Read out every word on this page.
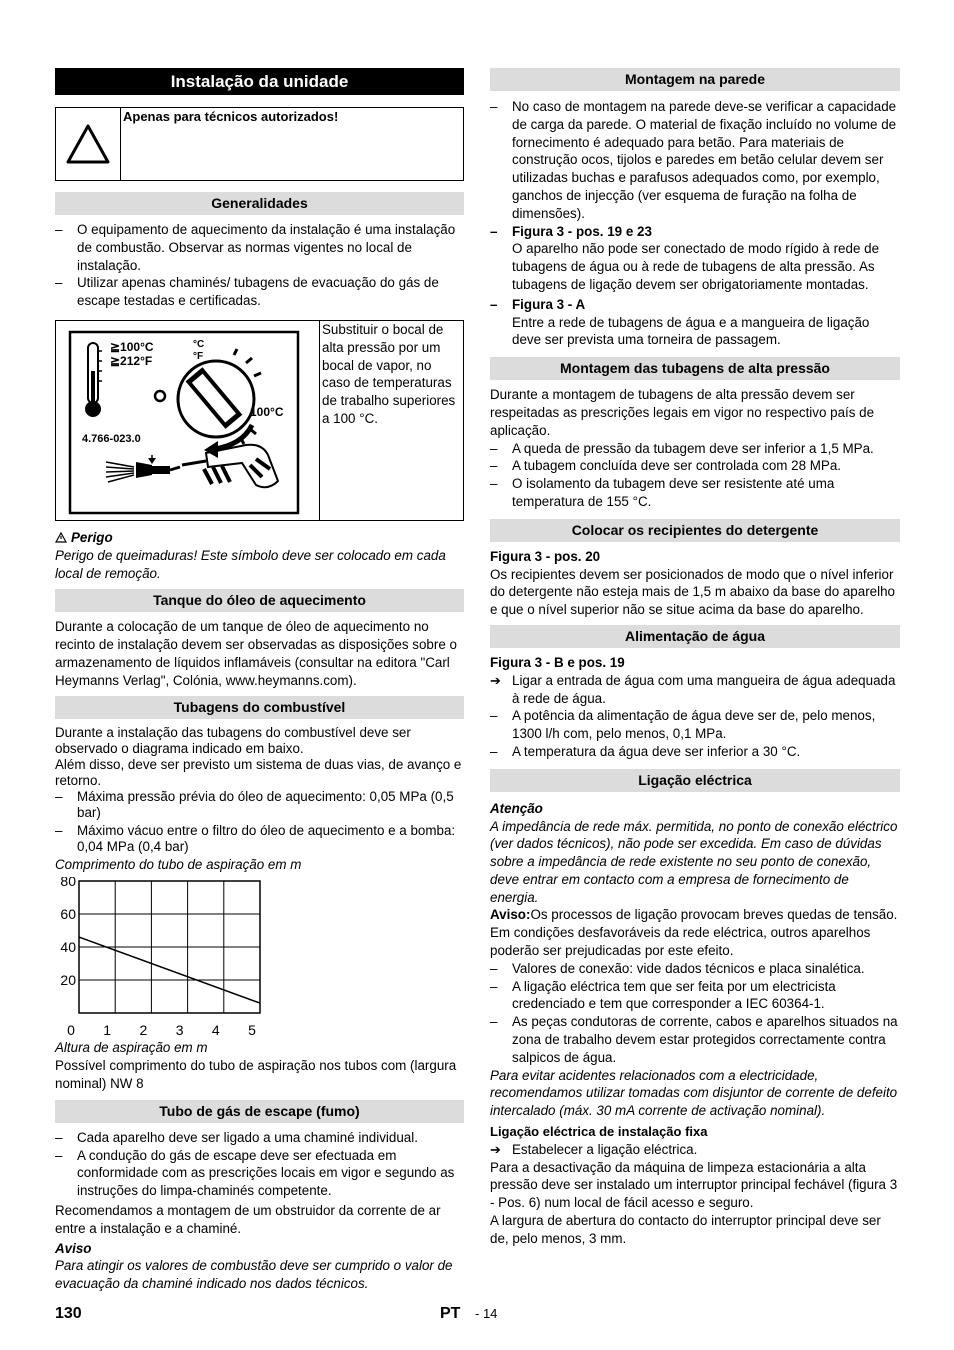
Instalação da unidade
Apenas para técnicos autorizados!
Generalidades

– O equipamento de aquecimento da instalação é uma instalação de combustão. Observar as normas vigentes no local de instalação.

– Utilizar apenas chaminés/ tubagens de evacuação do gás de escape testadas e certificadas.

≧100°C
≧212°F
°C
°F
100°C
4.766-023.0
Substituir o bocal de alta pressão por um bocal de vapor, no caso de temperaturas de trabalho superiores a 100 °C.

Perigo

Perigo de queimaduras! Este símbolo deve ser colocado em cada local de remoção.

Tanque do óleo de aquecimento

Durante a colocação de um tanque de óleo de aquecimento no recinto de instalação devem ser observadas as disposições sobre o armazenamento de líquidos inflamáveis (consultar na editora "Carl Heymanns Verlag", Colónia, www.heymanns.com).

Tubagens do combustível

Durante a instalação das tubagens do combustível deve ser observado o diagrama indicado em baixo.

Além disso, deve ser previsto um sistema de duas vias, de avanço e retorno.

– Máxima pressão prévia do óleo de aquecimento: 0,05 MPa (0,5 bar)

– Máximo vácuo entre o filtro do óleo de aquecimento e a bomba: 0,04 MPa (0,4 bar)

Comprimento do tubo de aspiração em m

20
40
60
80
0 1 2 3 4 5

Altura de aspiração em m

Possível comprimento do tubo de aspiração nos tubos com (largura nominal) NW 8

Tubo de gás de escape (fumo)

– Cada aparelho deve ser ligado a uma chaminé individual.

– A condução do gás de escape deve ser efectuada em conformidade com as prescrições locais em vigor e segundo as instruções do limpa-chaminés competente.

Recomendamos a montagem de um obstruidor da corrente de ar entre a instalação e a chaminé.

Aviso

Para atingir os valores de combustão deve ser cumprido o valor de evacuação da chaminé indicado nos dados técnicos.

Montagem na parede

– No caso de montagem na parede deve-se verificar a capacidade de carga da parede. O material de fixação incluído no volume de fornecimento é adequado para betão. Para materiais de construção ocos, tijolos e paredes em betão celular devem ser utilizadas buchas e parafusos adequados como, por exemplo, ganchos de injecção (ver esquema de furação na folha de dimensões).

– Figura 3 - pos. 19 e 23

O aparelho não pode ser conectado de modo rígido à rede de tubagens de água ou à rede de tubagens de alta pressão. As tubagens de ligação devem ser obrigatoriamente montadas.

– Figura 3 - A

Entre a rede de tubagens de água e a mangueira de ligação deve ser prevista uma torneira de passagem.

Montagem das tubagens de alta pressão

Durante a montagem de tubagens de alta pressão devem ser respeitadas as prescrições legais em vigor no respectivo país de aplicação.

– A queda de pressão da tubagem deve ser inferior a 1,5 MPa.

– A tubagem concluída deve ser controlada com 28 MPa.

– O isolamento da tubagem deve ser resistente até uma temperatura de 155 °C.

Colocar os recipientes do detergente

Figura 3 - pos. 20

Os recipientes devem ser posicionados de modo que o nível inferior do detergente não esteja mais de 1,5 m abaixo da base do aparelho e que o nível superior não se situe acima da base do aparelho.

Alimentação de água

Figura 3 - B e pos. 19

➔ Ligar a entrada de água com uma mangueira de água adequada à rede de água.

– A potência da alimentação de água deve ser de, pelo menos, 1300 l/h com, pelo menos, 0,1 MPa.

– A temperatura da água deve ser inferior a 30 °C.

Ligação eléctrica

Atenção

A impedância de rede máx. permitida, no ponto de conexão eléctrico (ver dados técnicos), não pode ser excedida. Em caso de dúvidas sobre a impedância de rede existente no seu ponto de conexão, deve entrar em contacto com a empresa de fornecimento de energia.

Aviso:Os processos de ligação provocam breves quedas de tensão. Em condições desfavoráveis da rede eléctrica, outros aparelhos poderão ser prejudicadas por este efeito.

– Valores de conexão: vide dados técnicos e placa sinalética.

– A ligação eléctrica tem que ser feita por um electricista credenciado e tem que corresponder a IEC 60364-1.

– As peças condutoras de corrente, cabos e aparelhos situados na zona de trabalho devem estar protegidos correctamente contra salpicos de água.

Para evitar acidentes relacionados com a electricidade, recomendamos utilizar tomadas com disjuntor de corrente de defeito intercalado (máx. 30 mA corrente de activação nominal).

Ligação eléctrica de instalação fixa

➔ Estabelecer a ligação eléctrica.

Para a desactivação da máquina de limpeza estacionária a alta pressão deve ser instalado um interruptor principal fechável (figura 3 - Pos. 6) num local de fácil acesso e seguro.

A largura de abertura do contacto do interruptor principal deve ser de, pelo menos, 3 mm.

130	PT - 14
